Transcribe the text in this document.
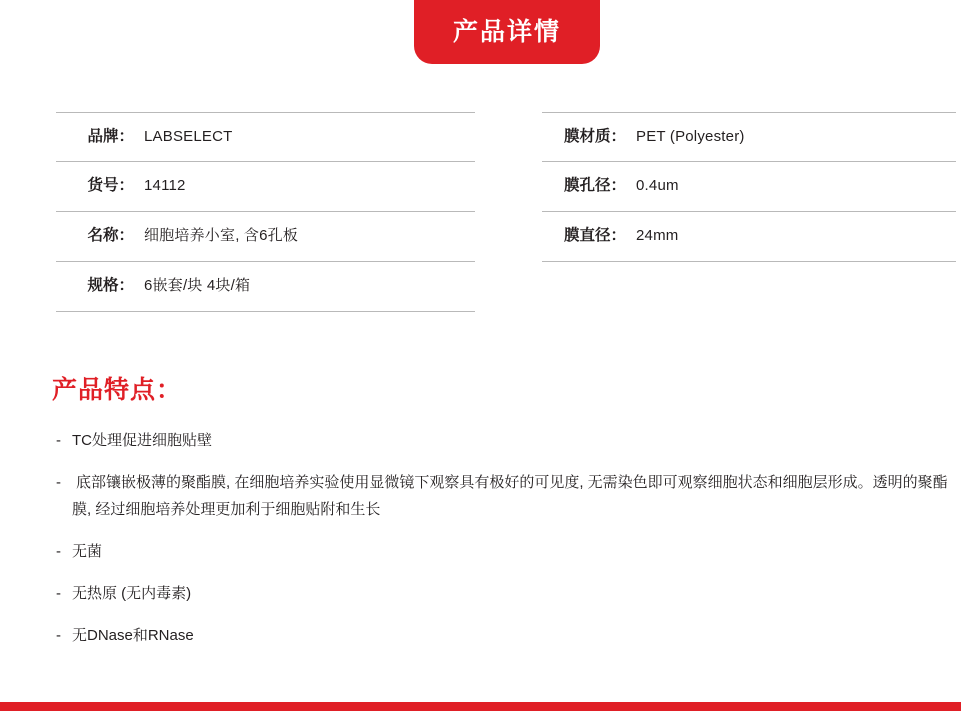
产品详情
品牌： LABSELECT
货号： 14112
名称： 细胞培养小室, 含6孔板
规格： 6嵌套/块 4块/箱
膜材质： PET (Polyester)
膜孔径： 0.4um
膜直径： 24mm
产品特点：
- TC处理促进细胞贴壁
-	底部镶嵌极薄的聚酯膜, 在细胞培养实验使用显微镜下观察具有极好的可见度, 无需染色即可观察细胞状态和细胞层形成。透明的聚酯膜, 经过细胞培养处理更加利于细胞贴附和生长
- 无菌
- 无热原 (无内毒素)
- 无DNase和RNase
